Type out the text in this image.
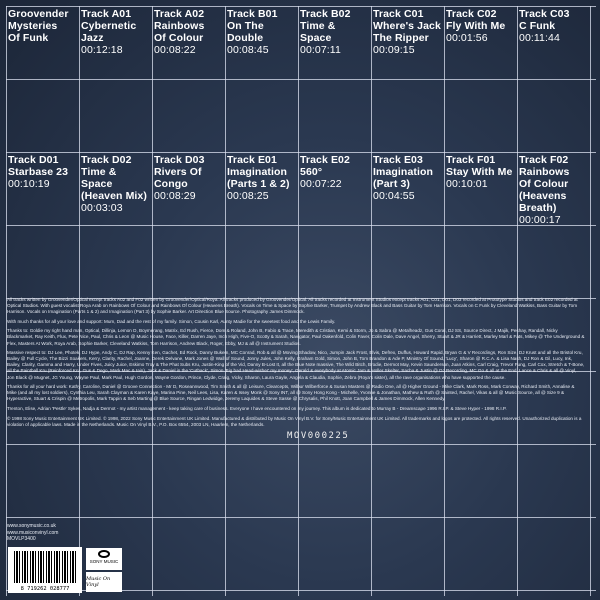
Groovender
Mysteries
Of Funk
Track A01
Cybernetic
Jazz
00:12:18
Track A02
Rainbows
Of Colour
00:08:22
Track B01
On The
Double
00:08:45
Track B02
Time &
Space
00:07:11
Track C01
Where's Jack
The Ripper
00:09:15
Track C02
Fly With Me
00:01:56
Track C03
C Funk
00:11:44
Track D01
Starbase 23
00:10:19
Track D02
Time &
Space
(Heaven Mix)
00:03:03
Track D03
Rivers Of
Congo
00:08:29
Track E01
Imagination
(Parts 1 & 2)
00:08:25
Track E02
560°
00:07:22
Track E03
Imagination
(Part 3)
00:04:55
Track F01
Stay With Me
00:10:01
Track F02
Rainbows
Of Colour
(Heavens
Breath)
00:00:17

All tracks written by Groovender/Optical except tracks A02 and F02 written by Groovender/Optical/Roya. All tracks produced by Groovender/Optical. All tracks recorded at Instrument Studios except tracks A01, C01, D01, D03 recorded at Prototype Studios and track E02 recorded at Optical Studios. With guest vocalist Roya Arab on Rainbows Of Colour and Rainbows Of Colour (Heavens Breath). Vocals on Time & Space by Sophie Barker, Trumpet by Andrew Black and Bass Guitar by Tom Harrison. Vocals on C Funk by Cleveland Watkiss, Bass Guitar by Tom Harrison. Vocals on Imagination (Parts 1 & 2) and Imagination (Part 3) by Sophie Barker. Art Direction Blue Source. Photography James Dimmock.

With much thanks for all your love and support: Mum, Dad and the rest of my family. Simon, Cousin Karl, Aunty Madie for the sweetest food and the Lewis Family.

Thanks to: Goldie my right hand man, Optical, Dillinja, Lemon D, Boymerang, Matrix, Ed Rush, Fierce, Dom & Roland, John B, Fabio & Trace, Meredith & Cristian, Kemi & Storm, Jo & Sabra @ Metalheadz, Gus Coral, DJ SS, Source Direct, J Majik, Peshay, Randall, Nicky Blackmarket, Ray Keith, Flux, Pete Nice, Paul, Chris & Leon @ Music House, Face, Killer, Darren Jaye, Inch High, Five-O, Scotty & Sarah, Navigator, Paul Oakenfold, Colin Faver, Colin Dale, Dave Angel, Sherry, Stuart & JR & Harriett, Marley Marl & Fats, Mikey @ The Underground & Flex, Masters At Work, Roya Arab, Sophie Barker, Cleveland Watkiss, Tom Harrison, Andrew Black, Roger, Ebby, MJ & all @ Instrument Studios.

Massive respect to: DJ Lee, Photek, DJ Hype, Andy C, DJ Rap, Kenny Ken, Gachet, Ed Rock, Danny Bukem, MC Conrad, Rob & all @ Moving Shadow, Nico, Jumpin Jack Frost, Elvis, Defrex, Duffus, Howard Rapid, Bryan G & V Recordings, Ron Size, DJ Krust and all the Bristol Kru, Bailey @ Full Cycle, The Bizzi Soakers, Kerry, Clarity, Rachel, Joanne, Derek Delvane, Mark Jones @ Wall of Sound, Jonny Jules, John Kelly, Graham Gold, Simon, John B, Tom Brandon & Ade P, Ministry Of Sound, 'Lucy', Sharon @ R.C.A. & Lisa Nash, DJ Ron & Gil, Lucy, Ink, Bailey, Clarity, Gamma and Harry, Under Fives, Juicy Juice, Eskimo Troy & The Phat Subs Kru, Justin-King of the Vid, Danny B-Lost It, all the Blue Note massive, The Wild Bitch, Brodie, Dermot May, Kevin Saunderson, Juan Atkins, Carl Craig, Trevor Fung, Carl Cox, Stretch & T-Bone, all the Paintball Kru (Reinforced Kru, Gus & Dego, Mark Mac & Iain), Jack & Daniel in the 'Cutback', Simon 'Big bad Head-wisher' my money', Gerald & everybody at Atomic Jam & Holler Skelter, Sacha & Justin @ DJ Recording, MC Go & all at the End, Lance & Chris & all @ Vinyl, Jon Black @ Mugnet, JG Young, Wayne Paul, Mark Paul, Hugh Gordon, Wayne Gordon, Prince, Clyde, Craig, Vicky, Sharon, Laura Gayle, Angela & Claudia, Sophie, Zebra (Roya's sister), all the rave organisations who have supported the cause.

Thanks for all your hard work: Kathy, Caroline, Daniel @ Groove Connection - Mr D, Roseannwood, Tim Smith & all @ Leisure, Clearcepts, Wilbur Wilberforce & Susan Masters @ Radio One, all @ Higher Ground - Mike Clark, Mark Ross, Mark Conway, Richard Smith, Annalise & Mike (and all my lost soldiers), Cynthia Leu, Sarah Clayman & Karen Kaye, Marina Pine, Neil Lees, Lisa, Karen & Issey Monk @ Sony INT, all @ Sony Hong Kong - Michelle, Yvonne & Jonathan, Mathew & Ruth @ Sainted, Rachel, Vikas & all @ Music Source, all @ Size 9 & Hyperactive, Stuart & Crispin @ Metropolis, Mark Tappin & Seb Marting @ Blue Source, Ringan Ledwidge, Jeremy Laquides & Steve Sasse @ Chrysalis, Phil Knott, Joan Campbell & James Dimmock, Allen Kennedy.

Trenton, Elise, Adrian 'Pestle' Sykes, Nadja & Dermot - my artist management - keep taking care of business. Everyone I have encountered on my journey. This album is dedicated to Murray B - Dreamscape 1996 R.I.P. & Steve Hyper - 1998 R.I.P.

© 1998 Sony Music Entertainment UK Limited. © 1998, 2022 Sony Music Entertainment UK Limited. Manufactured & distributed by Music On Vinyl B.V. for Sony/Music Entertainment UK Limited. All trademarks and logos are protected. All rights reserved. Unauthorized duplication is a violation of applicable laws. Made in the Netherlands. Music On Vinyl B.V., P.O. Box 6554, 2003 LN, Haarlem, the Netherlands.

MOV000225
www.sonymusic.co.uk
www.musiconvinyl.com
MOVLP3400
8 719262 028777
SONY MUSIC
Music On Vinyl
